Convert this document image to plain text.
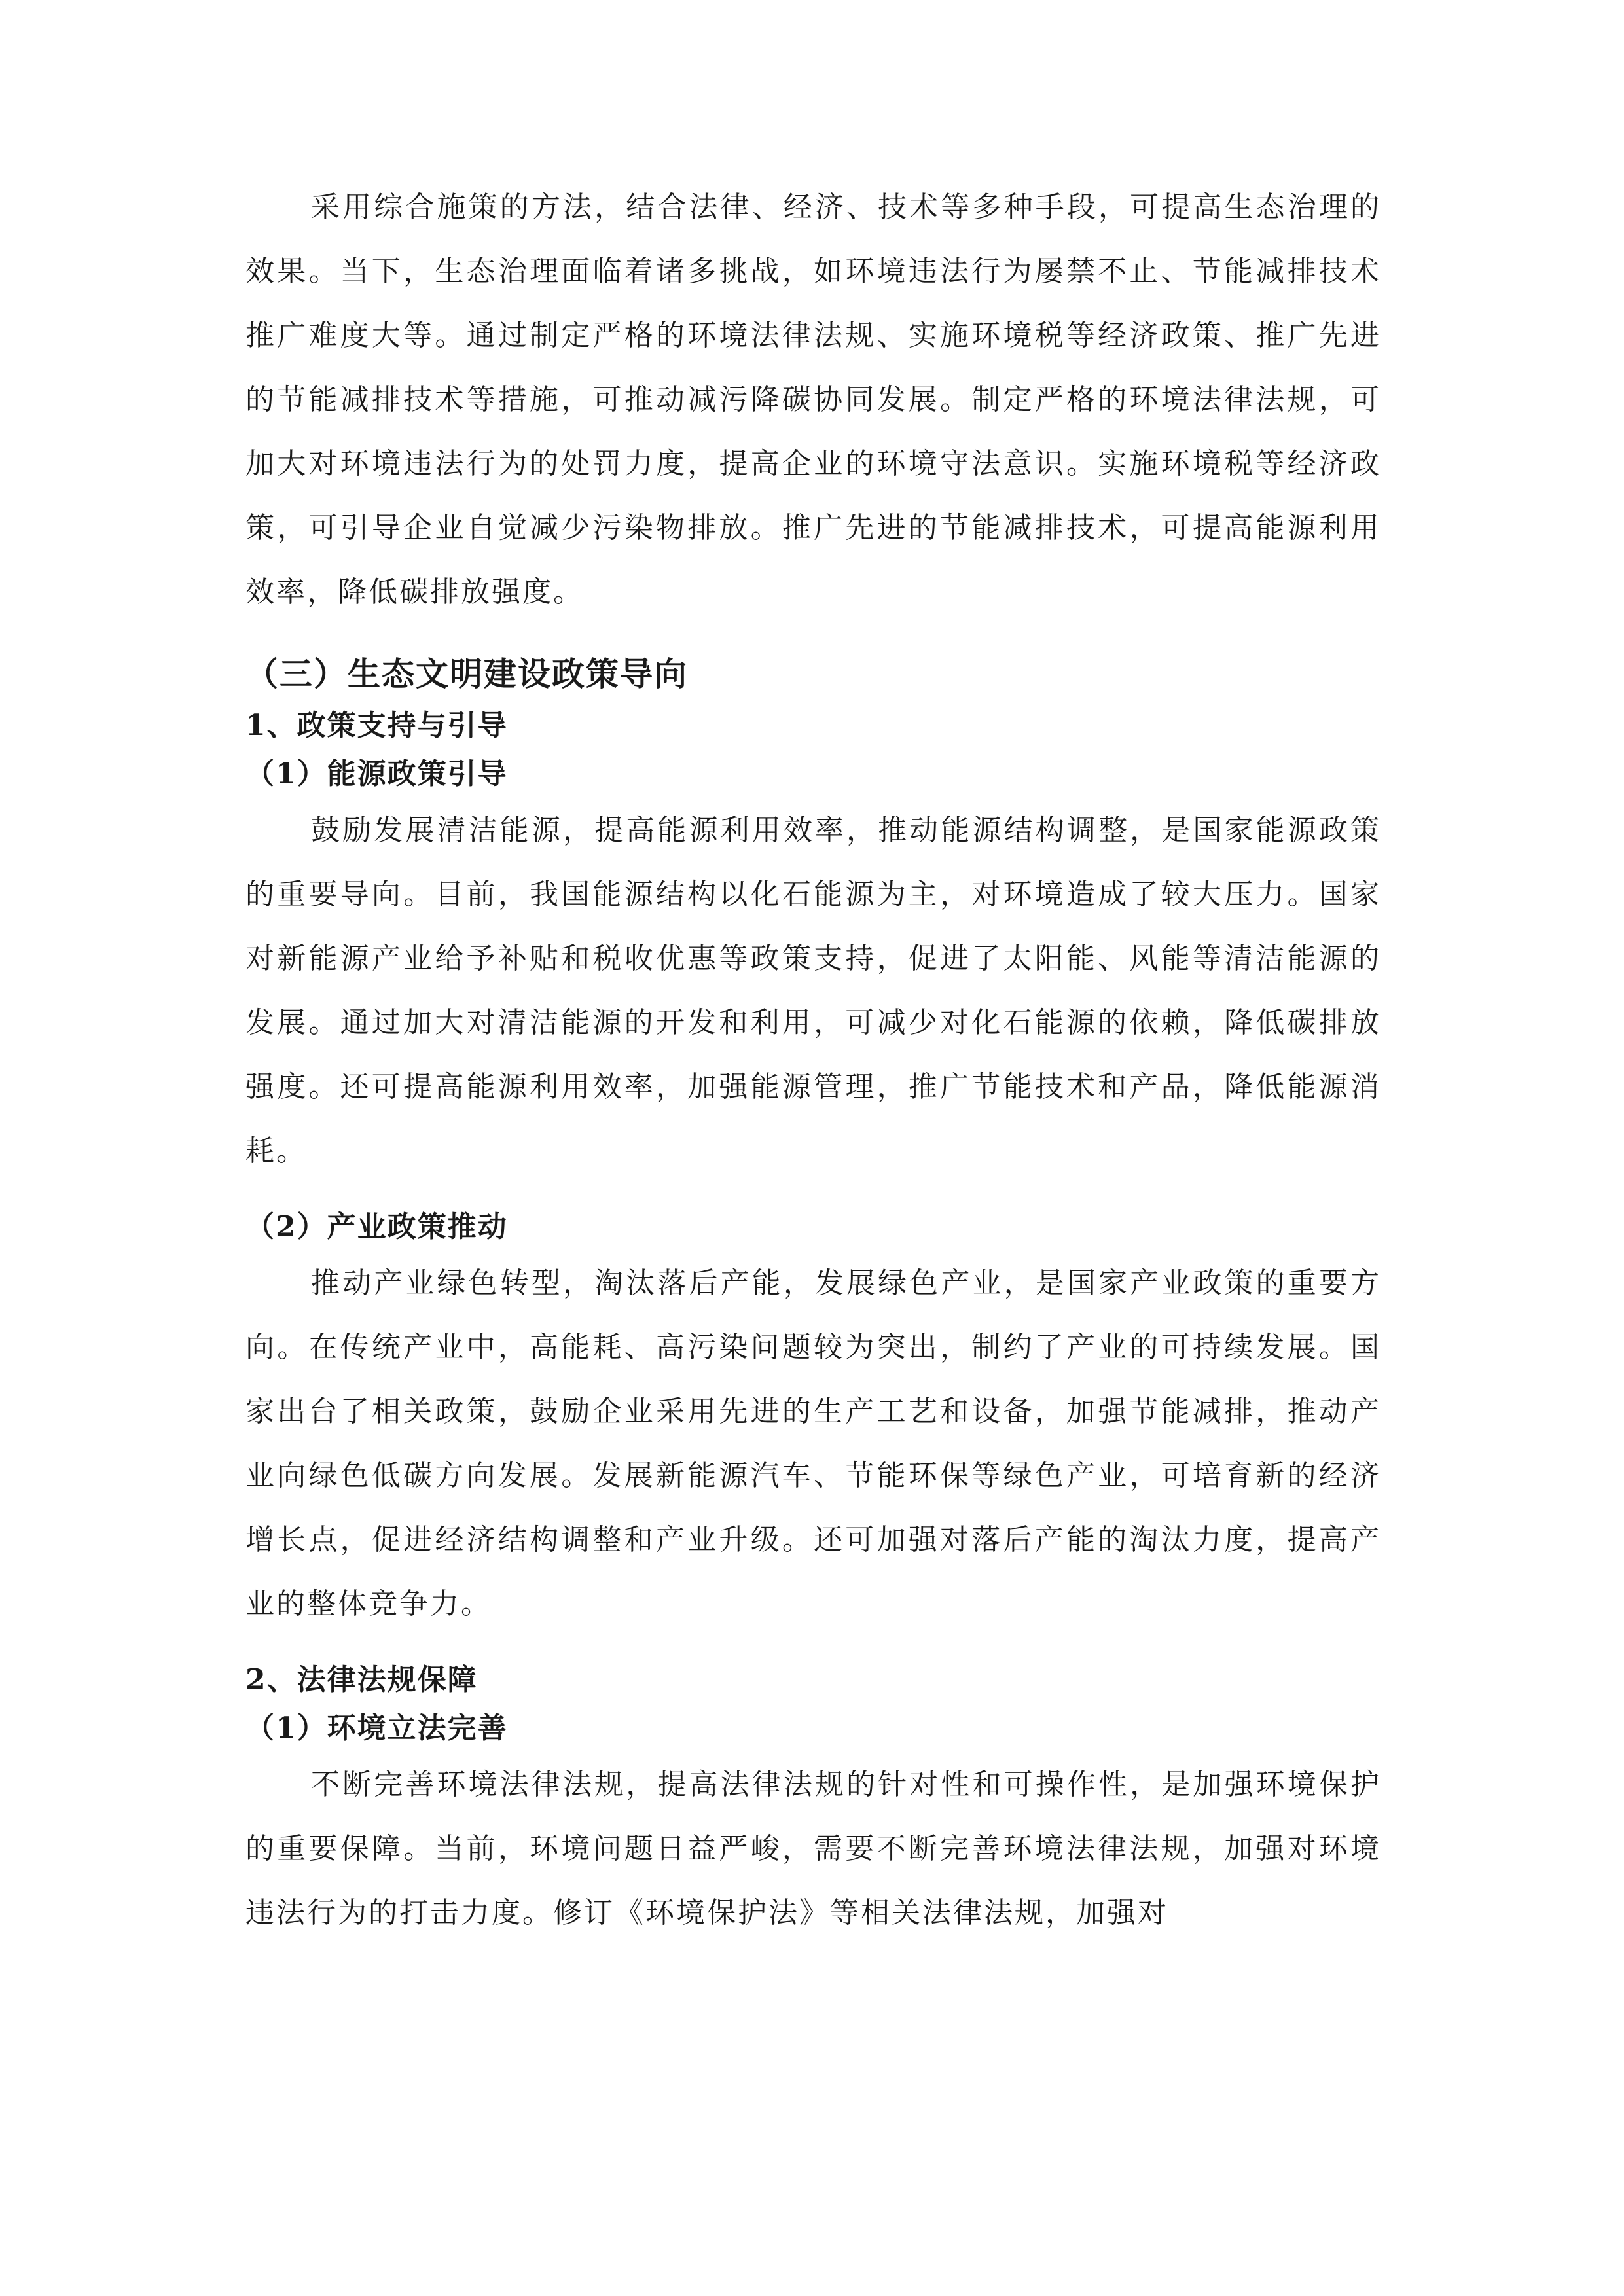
采用综合施策的方法，结合法律、经济、技术等多种手段，可提高生态治理的效果。当下，生态治理面临着诸多挑战，如环境违法行为屡禁不止、节能减排技术推广难度大等。通过制定严格的环境法律法规、实施环境税等经济政策、推广先进的节能减排技术等措施，可推动减污降碳协同发展。制定严格的环境法律法规，可加大对环境违法行为的处罚力度，提高企业的环境守法意识。实施环境税等经济政策，可引导企业自觉减少污染物排放。推广先进的节能减排技术，可提高能源利用效率，降低碳排放强度。

（三）生态文明建设政策导向
1、政策支持与引导
（1）能源政策引导

鼓励发展清洁能源，提高能源利用效率，推动能源结构调整，是国家能源政策的重要导向。目前，我国能源结构以化石能源为主，对环境造成了较大压力。国家对新能源产业给予补贴和税收优惠等政策支持，促进了太阳能、风能等清洁能源的发展。通过加大对清洁能源的开发和利用，可减少对化石能源的依赖，降低碳排放强度。还可提高能源利用效率，加强能源管理，推广节能技术和产品，降低能源消耗。

（2）产业政策推动

推动产业绿色转型，淘汰落后产能，发展绿色产业，是国家产业政策的重要方向。在传统产业中，高能耗、高污染问题较为突出，制约了产业的可持续发展。国家出台了相关政策，鼓励企业采用先进的生产工艺和设备，加强节能减排，推动产业向绿色低碳方向发展。发展新能源汽车、节能环保等绿色产业，可培育新的经济增长点，促进经济结构调整和产业升级。还可加强对落后产能的淘汰力度，提高产业的整体竞争力。

2、法律法规保障
（1）环境立法完善

不断完善环境法律法规，提高法律法规的针对性和可操作性，是加强环境保护的重要保障。当前，环境问题日益严峻，需要不断完善环境法律法规，加强对环境违法行为的打击力度。修订《环境保护法》等相关法律法规，加强对
